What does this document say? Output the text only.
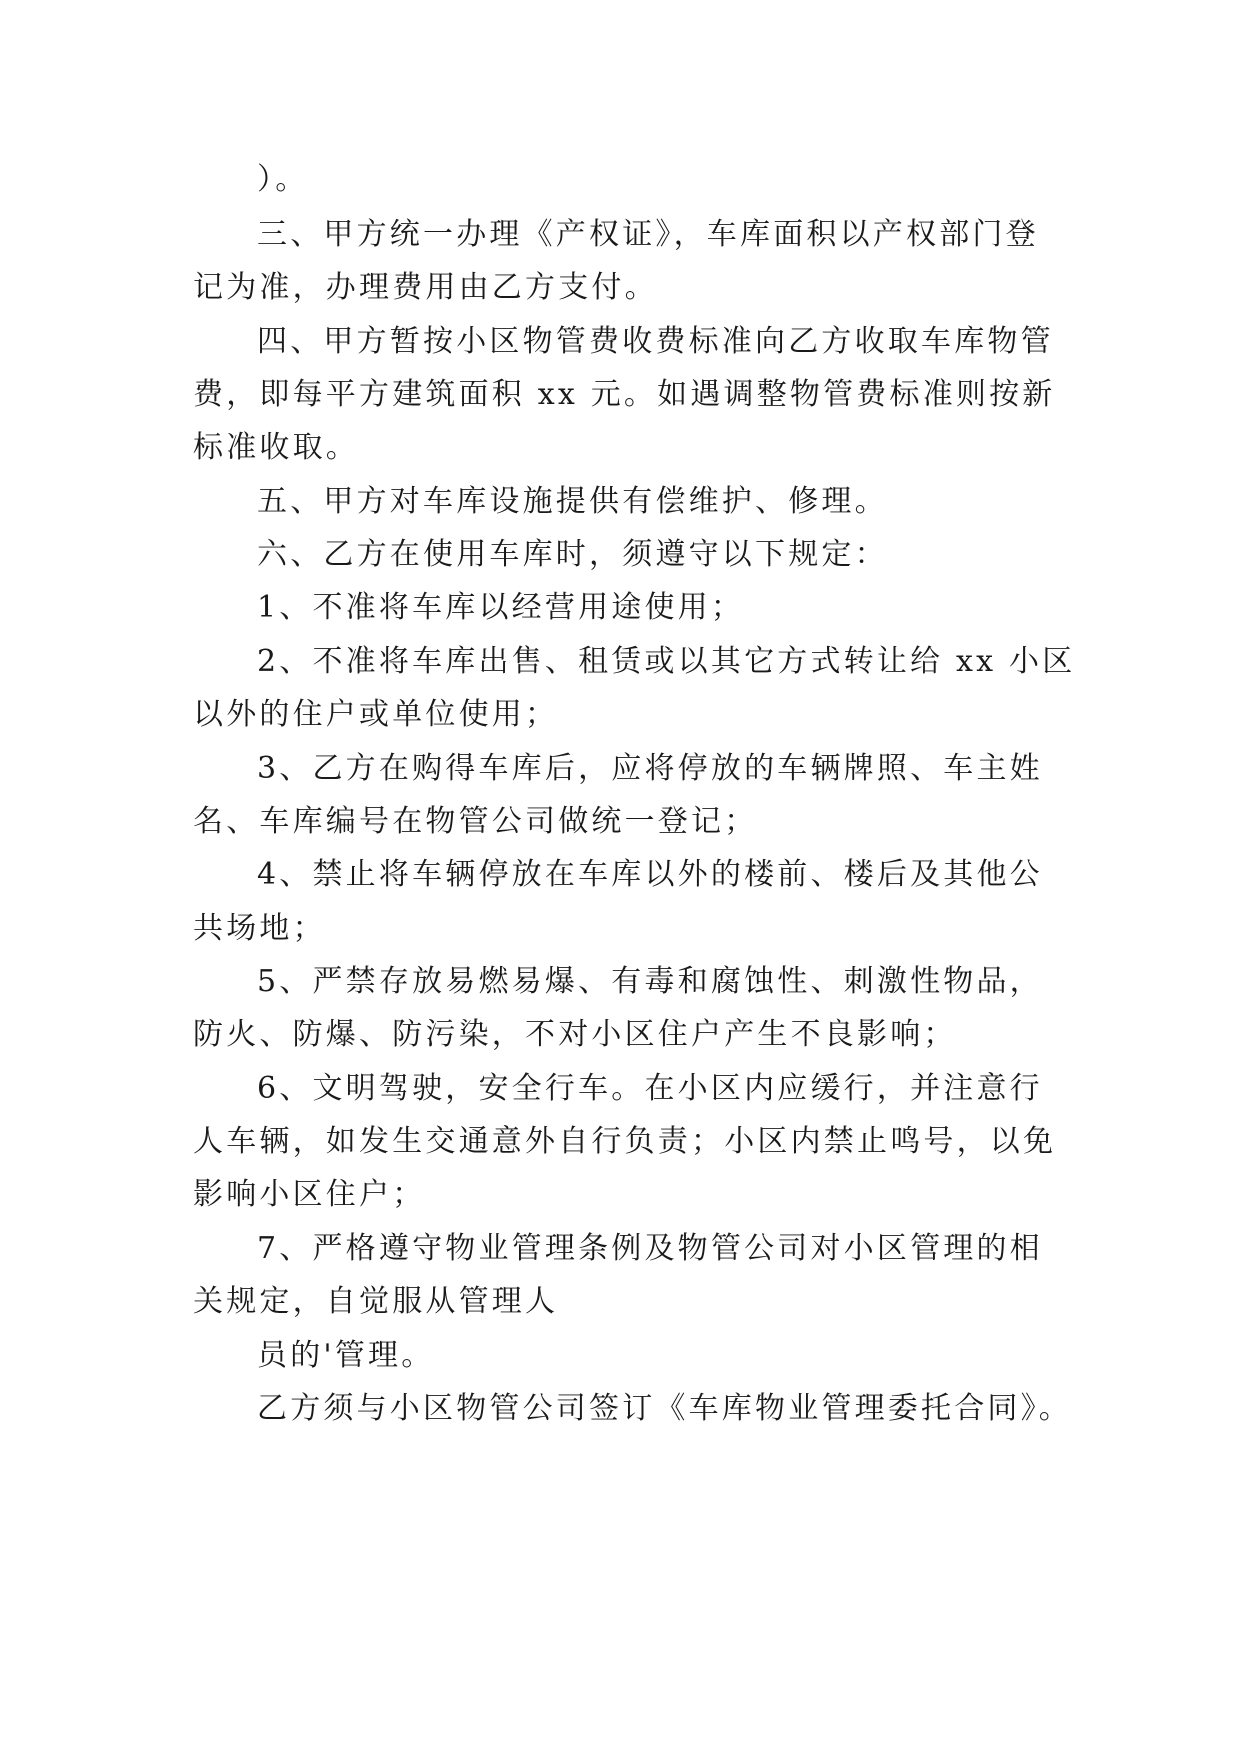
）。
三、甲方统一办理《产权证》，车库面积以产权部门登
记为准，办理费用由乙方支付。
四、甲方暂按小区物管费收费标准向乙方收取车库物管
费，即每平方建筑面积 xx 元。如遇调整物管费标准则按新
标准收取。
五、甲方对车库设施提供有偿维护、修理。
六、乙方在使用车库时，须遵守以下规定：
1、不准将车库以经营用途使用；
2、不准将车库出售、租赁或以其它方式转让给 xx 小区
以外的住户或单位使用；
3、乙方在购得车库后，应将停放的车辆牌照、车主姓
名、车库编号在物管公司做统一登记；
4、禁止将车辆停放在车库以外的楼前、楼后及其他公
共场地；
5、严禁存放易燃易爆、有毒和腐蚀性、刺激性物品，
防火、防爆、防污染，不对小区住户产生不良影响；
6、文明驾驶，安全行车。在小区内应缓行，并注意行
人车辆，如发生交通意外自行负责；小区内禁止鸣号，以免
影响小区住户；
7、严格遵守物业管理条例及物管公司对小区管理的相
关规定，自觉服从管理人
员的'管理。
乙方须与小区物管公司签订《车库物业管理委托合同》。
